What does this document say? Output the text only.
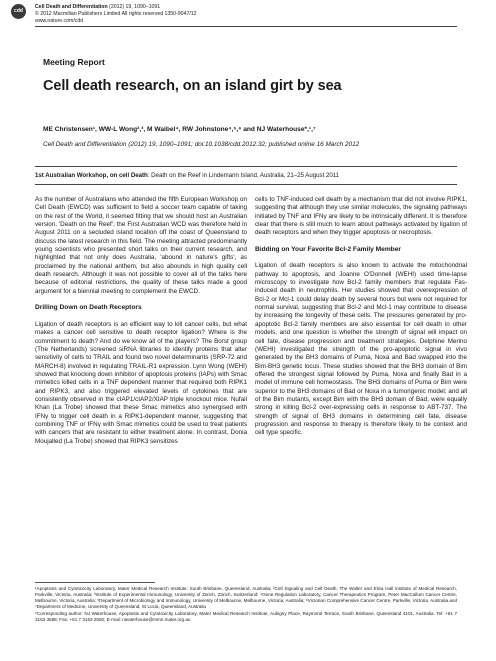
cdd
Cell Death and Differentiation (2012) 19, 1090–1091
© 2012 Macmillan Publishers Limited All rights reserved 1350-9047/12
www.nature.com/cdd
Meeting Report
Cell death research, on an island girt by sea
ME Christensen¹, WW-L Wong²,³, M Waibel⁴, RW Johnstone⁴,⁵,⁶ and NJ Waterhouse*,¹,⁷
Cell Death and Differentiation (2012) 19, 1090–1091; doi:10.1038/cdd.2012.32; published online 16 March 2012
1st Australian Workshop, on cell Death: Death on the Reef in Lindemann Island, Australia, 21–25 August 2011

As the number of Australians who attended the fifth European Workshop on Cell Death (EWCD) was sufficient to field a soccer team capable of taking on the rest of the World, it seemed fitting that we should host an Australian version. 'Death on the Reef', the First Australian WCD was therefore held in August 2011 on a secluded island location off the coast of Queensland to discuss the latest research in this field. The meeting attracted predominantly young scientists who presented short talks on their current research, and highlighted that not only does Australia, 'abound in nature's gifts', as proclaimed by the national anthem, but also abounds in high quality cell death research. Although it was not possible to cover all of the talks here because of editorial restrictions, the quality of these talks made a good argument for a biennial meeting to complement the EWCD.

Drilling Down on Death Receptors

Ligation of death receptors is an efficient way to kill cancer cells, but what makes a cancer cell sensitive to death receptor ligation? Where is the commitment to death? And do we know all of the players? The Borst group (The Netherlands) screened siRNA libraries to identify proteins that alter sensitivity of cells to TRAIL and found two novel determinants (SRP-72 and MARCH-8) involved in regulating TRAIL-R1 expression. Lynn Wong (WEHI) showed that knocking down inhibitor of apoptosis proteins (IAPs) with Smac mimetics killed cells in a TNF dependent manner that required both RIPK1 and RIPK3, and also triggered elevated levels of cytokines that are consistently observed in the cIAP1/cIAP2/XIAP triple knockout mice. Nufail Khan (La Trobe) showed that these Smac mimetics also synergised with IFNγ to trigger cell death in a RIPK1-dependent manner, suggesting that combining TNF or IFNγ with Smac mimetics could be used to treat patients with cancers that are resistant to either treatment alone. In contrast, Donia Moujalled (La Trobe) showed that RIPK3 sensitizes

cells to TNF-induced cell death by a mechanism that did not involve RIPK1, suggesting that although they use similar molecules, the signaling pathways initiated by TNF and IFNγ are likely to be intrinsically different. It is therefore clear that there is still much to learn about pathways activated by ligation of death receptors and when they trigger apoptosis or necroptosis.

Bidding on Your Favorite Bcl-2 Family Member

Ligation of death receptors is also known to activate the mitochondrial pathway to apoptosis, and Joanne O'Donnell (WEHI) used time-lapse microscopy to investigate how Bcl-2 family members that regulate Fas-induced death in neutrophils. Her studies showed that overexpression of Bcl-2 or Mcl-1 could delay death by several hours but were not required for normal survival, suggesting that Bcl-2 and Mcl-1 may contribute to disease by increasing the longevity of these cells. The pressures generated by pro-apoptotic Bcl-2 family members are also essential for cell death in other models, and one question is whether the strength of signal will impact on cell fate, disease progression and treatment strategies. Delphine Merino (WEHI) investigated the strength of the pro-apoptotic signal in vivo generated by the BH3 domains of Puma, Noxa and Bad swapped into the Bim-BH3 genetic locus. These studies showed that the BH3 domain of Bim offered the strongest signal followed by Puma, Noxa and finally Bad in a model of immune cell homeostasis. The BH3 domains of Puma or Bim were superior to the BH3 domains of Bad or Noxa in a tumorigenic model; and all of the Bim mutants, except Bim with the BH3 domain of Bad, were equally strong in killing Bcl-2 over-expressing cells in response to ABT-737. The strength of signal of BH3 domains in determining cell fate, disease progression and response to therapy is therefore likely to be context and cell type specific.

¹Apoptosis and Cytotoxicity Laboratory, Mater Medical Research Institute, South Brisbane, Queensland, Australia; ²Cell Signaling and Cell Death, The Walter and Eliza Hall Institute of Medical Research, Parkville, Victoria, Australia; ³Institute of Experimental Immunology, University of Zürich, Zürich, Switzerland; ⁴Gene Regulation Laboratory, Cancer Therapeutics Program, Peter MacCallum Cancer Centre, Melbourne, Victoria, Australia; ⁵Department of Microbiology and Immunology, University of Melbourne, Melbourne, Victoria, Australia; ⁶Victorian Comprehensive Cancer Centre, Parkville, Victoria, Australia and ⁷Department of Medicine, University of Queensland, St Lucia, Queensland, Australia

*Corresponding author: NJ Waterhouse, Apoptosis and Cytotoxicity Laboratory, Mater Medical Research Institute, Aubigny Place, Raymond Terrace, South Brisbane, Queensland 4101, Australia. Tel: +61 7 3163 3688; Fax: +61 7 3163 2550; E-mail: nwaterhouse@mmri.mater.org.au
